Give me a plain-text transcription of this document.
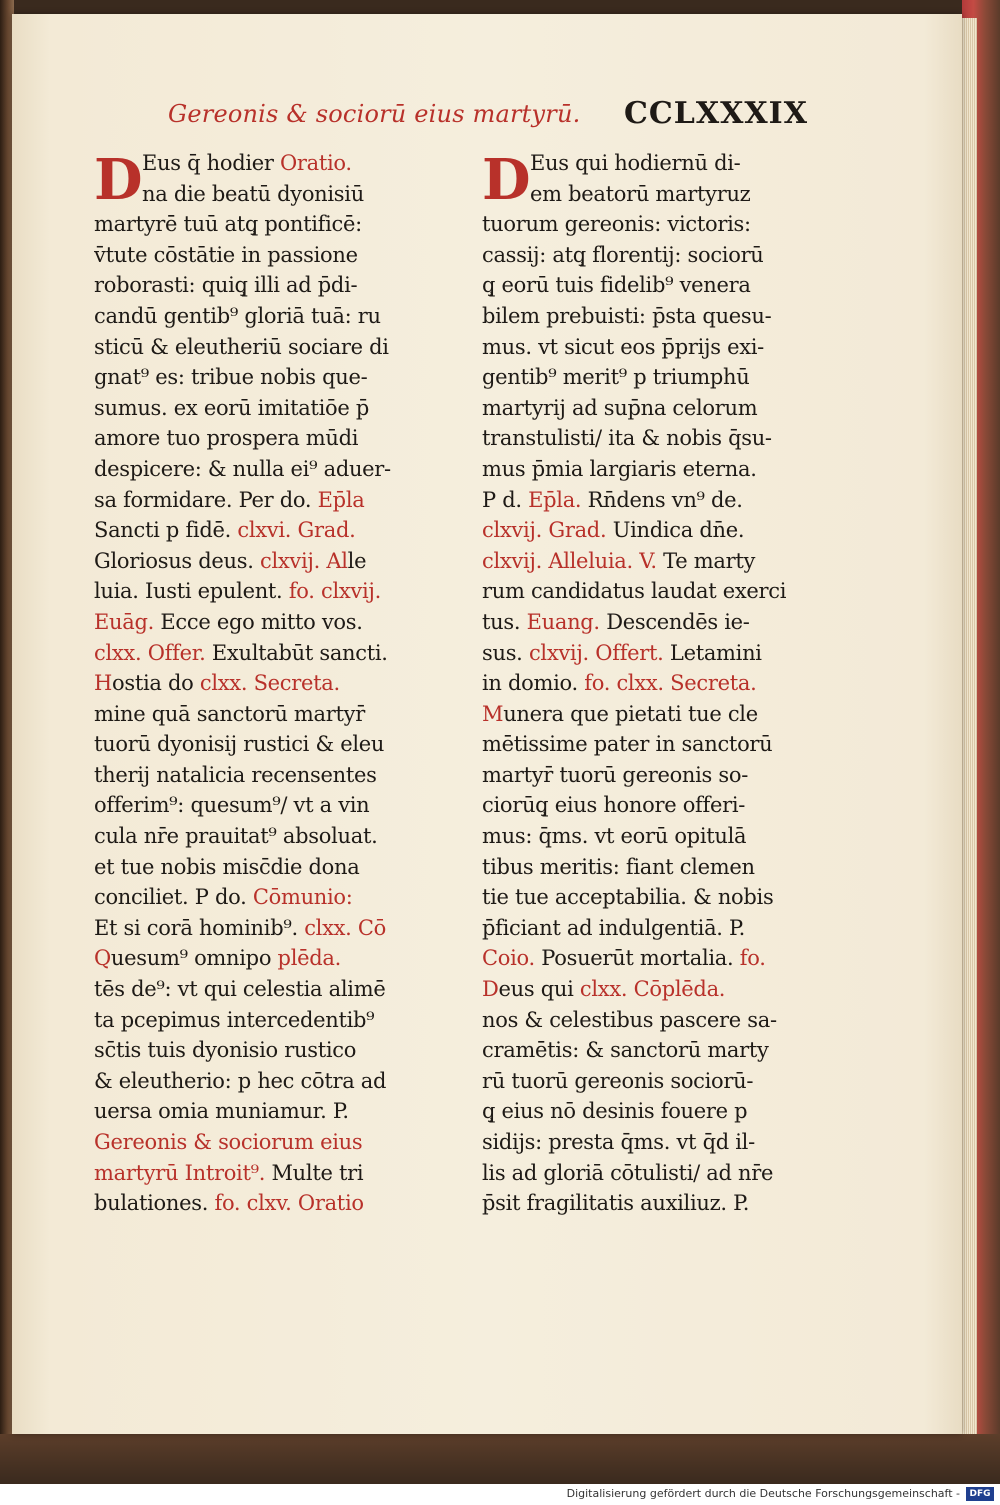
Gereonis & sociorū eius martyrū.	CCLXXXIX
D Eus q̄ hodier Oratio.
na die beatū dyonisiū
martyrē tuū atq̧ pontificē:
v̄tute cōstātie in passione
roborasti: quiq̧ illi ad p̄di-
candū gentib⁹ gloriā tuā: ru
sticū & eleutheriū sociare di
gnat⁹ es: tribue nobis que-
sumus. ex eorū imitatiōe p̄
amore tuo prospera mūdi
despicere: & nulla ei⁹ aduer-
sa formidare. Per do. Ep̄la
Sancti p fidē. clxvi. Grad.
Gloriosus deus. clxvij. Alle
luia. Iusti epulent. fo. clxvij.
Euāg. Ecce ego mitto vos.
clxx. Offer. Exultabūt sancti.
Hostia do clxx. Secreta.
mine quā sanctorū martyr̄
tuorū dyonisij rustici & eleu
therij natalicia recensentes
offerim⁹: quesum⁹/ vt a vin
cula nr̄e prauitat⁹ absoluat.
et tue nobis misc̄die dona
conciliet. P do. Cōmunio:
Et si corā hominib⁹. clxx. Cō
Quesum⁹ omnipo plēda.
tēs de⁹: vt qui celestia alimē
ta pcepimus intercedentib⁹
sc̄tis tuis dyonisio rustico
& eleutherio: p hec cōtra ad
uersa omia muniamur. P.
Gereonis & sociorum eius
martyrū Introit⁹. Multe tri
bulationes. fo. clxv. Oratio
D Eus qui hodiernū di-
em beatorū martyruz
tuorum gereonis: victoris:
cassij: atq̧ florentij: sociorū
q̧ eorū tuis fidelib⁹ venera
bilem prebuisti: p̄sta quesu-
mus. vt sicut eos p̄prijs exi-
gentib⁹ merit⁹ p triumphū
martyrij ad sup̄na celorum
transtulisti/ ita & nobis q̄su-
mus p̄mia largiaris eterna.
P d. Ep̄la. Rn̄dens vn⁹ de.
clxvij. Grad. Uindica dn̄e.
clxvij. Alleluia. V. Te marty
rum candidatus laudat exerci
tus. Euang. Descendēs ie-
sus. clxvij. Offert. Letamini
in domio. fo. clxx. Secreta.
Munera que pietati tue cle
mētissime pater in sanctorū
martyr̄ tuorū gereonis so-
ciorūq̧ eius honore offeri-
mus: q̄ms. vt eorū opitulā
tibus meritis: fiant clemen
tie tue acceptabilia. & nobis
p̄ficiant ad indulgentiā. P.
Coio. Posuerūt mortalia. fo.
Deus qui clxx. Cōplēda.
nos & celestibus pascere sa-
cramētis: & sanctorū marty
rū tuorū gereonis sociorū-
q̧ eius nō desinis fouere p
sidijs: presta q̄ms. vt q̄d il-
lis ad gloriā cōtulisti/ ad nr̄e
p̄sit fragilitatis auxiliuz. P.
Digitalisierung gefördert durch die Deutsche Forschungsgemeinschaft -	DFG
